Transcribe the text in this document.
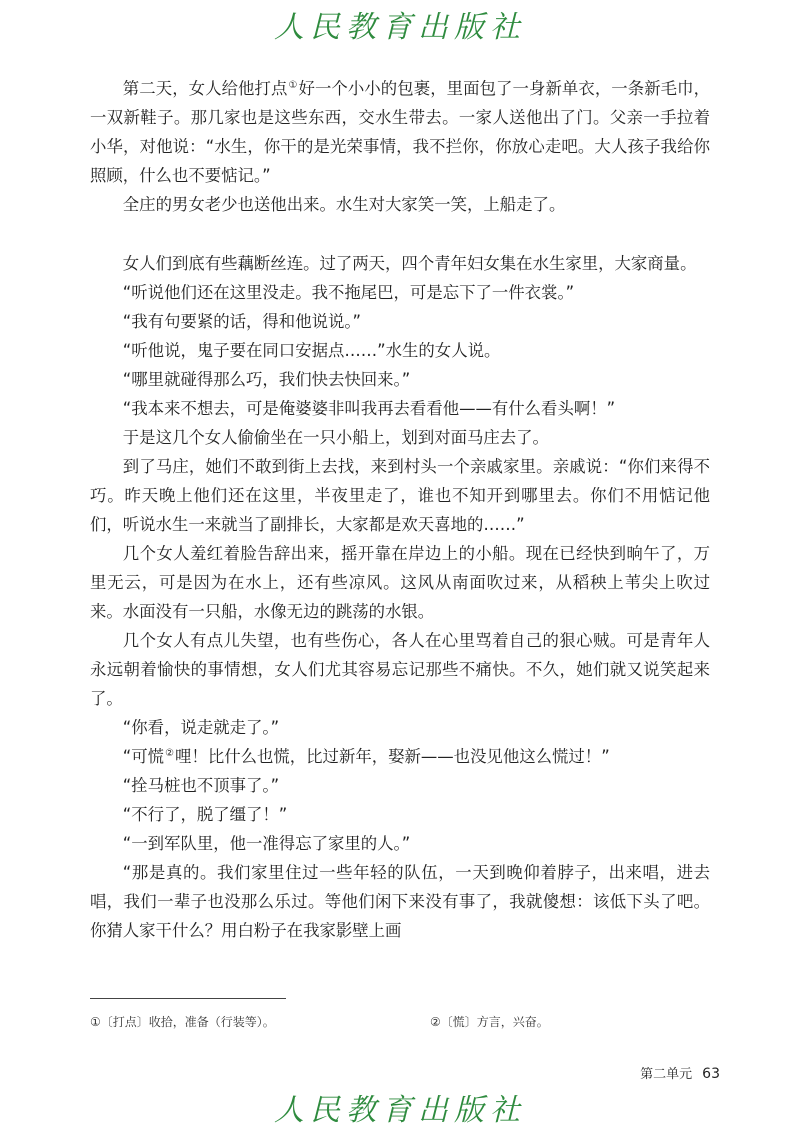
人民教育出版社

第二天，女人给他打点①好一个小小的包裹，里面包了一身新单衣，一条新毛巾，一双新鞋子。那几家也是这些东西，交水生带去。一家人送他出了门。父亲一手拉着小华，对他说：“水生，你干的是光荣事情，我不拦你，你放心走吧。大人孩子我给你照顾，什么也不要惦记。”

全庄的男女老少也送他出来。水生对大家笑一笑，上船走了。

女人们到底有些藕断丝连。过了两天，四个青年妇女集在水生家里，大家商量。

“听说他们还在这里没走。我不拖尾巴，可是忘下了一件衣裳。”

“我有句要紧的话，得和他说说。”

“听他说，鬼子要在同口安据点……”水生的女人说。

“哪里就碰得那么巧，我们快去快回来。”

“我本来不想去，可是俺婆婆非叫我再去看看他——有什么看头啊！”

于是这几个女人偷偷坐在一只小船上，划到对面马庄去了。

到了马庄，她们不敢到街上去找，来到村头一个亲戚家里。亲戚说：“你们来得不巧。昨天晚上他们还在这里，半夜里走了，谁也不知开到哪里去。你们不用惦记他们，听说水生一来就当了副排长，大家都是欢天喜地的……”

几个女人羞红着脸告辞出来，摇开靠在岸边上的小船。现在已经快到晌午了，万里无云，可是因为在水上，还有些凉风。这风从南面吹过来，从稻秧上苇尖上吹过来。水面没有一只船，水像无边的跳荡的水银。

几个女人有点儿失望，也有些伤心，各人在心里骂着自己的狠心贼。可是青年人永远朝着愉快的事情想，女人们尤其容易忘记那些不痛快。不久，她们就又说笑起来了。

“你看，说走就走了。”

“可慌②哩！比什么也慌，比过新年，娶新——也没见他这么慌过！”

“拴马桩也不顶事了。”

“不行了，脱了缰了！”

“一到军队里，他一准得忘了家里的人。”

“那是真的。我们家里住过一些年轻的队伍，一天到晚仰着脖子，出来唱，进去唱，我们一辈子也没那么乐过。等他们闲下来没有事了，我就傻想：该低下头了吧。你猜人家干什么？用白粉子在我家影壁上画

①〔打点〕收拾，准备（行装等）。	②〔慌〕方言，兴奋。
第二单元 63
人民教育出版社
